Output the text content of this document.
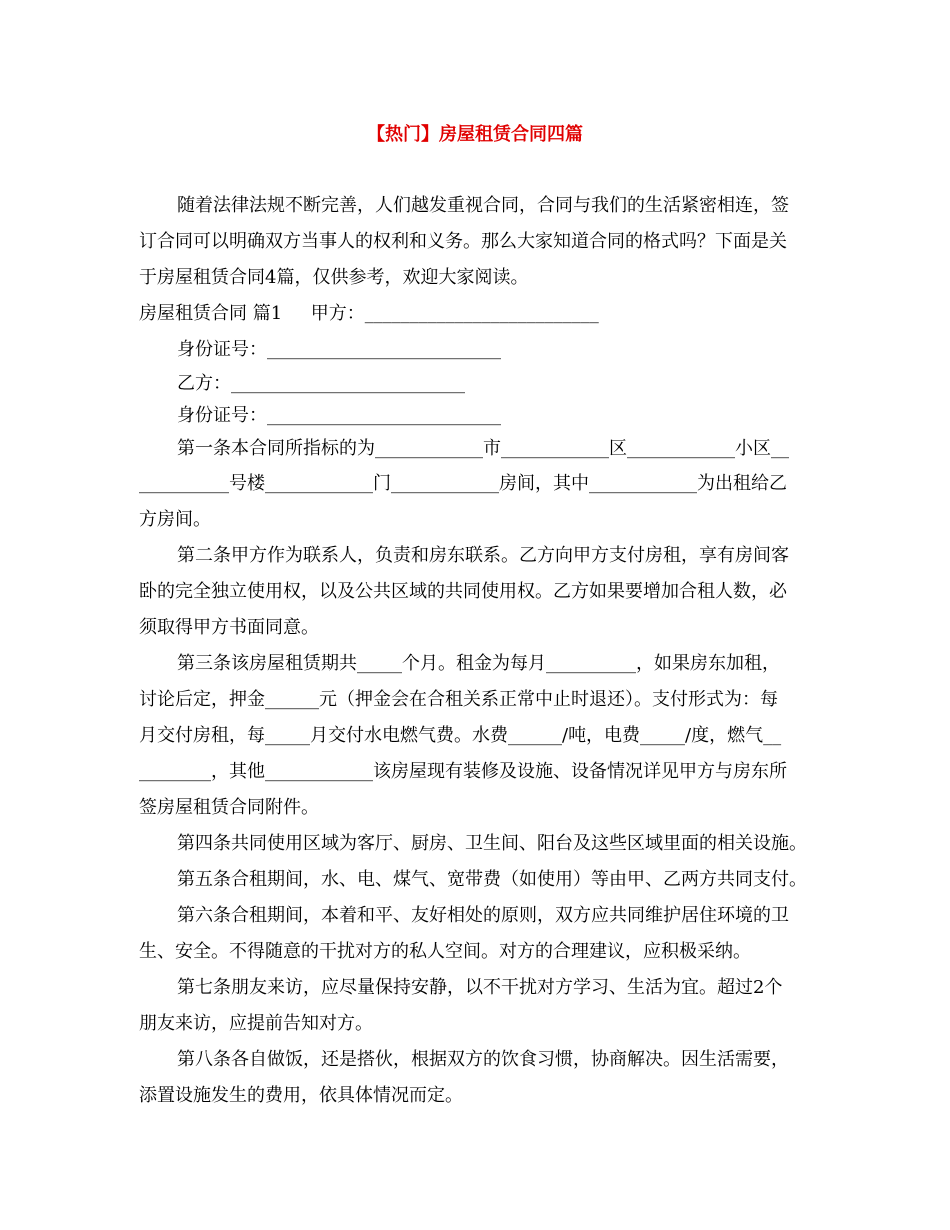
【热门】房屋租赁合同四篇
随着法律法规不断完善，人们越发重视合同，合同与我们的生活紧密相连，签
订合同可以明确双方当事人的权利和义务。那么大家知道合同的格式吗？下面是关
于房屋租赁合同4篇，仅供参考，欢迎大家阅读。
房屋租赁合同 篇1     甲方：__________________________
身份证号：__________________________
乙方：__________________________
身份证号：__________________________
第一条本合同所指标的为____________市____________区____________小区__
__________号楼____________门____________房间，其中____________为出租给乙
方房间。
第二条甲方作为联系人，负责和房东联系。乙方向甲方支付房租，享有房间客
卧的完全独立使用权，以及公共区域的共同使用权。乙方如果要增加合租人数，必
须取得甲方书面同意。
第三条该房屋租赁期共_____个月。租金为每月__________，如果房东加租，
讨论后定，押金______元（押金会在合租关系正常中止时退还）。支付形式为：每
月交付房租，每_____月交付水电燃气费。水费______/吨，电费_____/度，燃气__
________，其他____________该房屋现有装修及设施、设备情况详见甲方与房东所
签房屋租赁合同附件。
第四条共同使用区域为客厅、厨房、卫生间、阳台及这些区域里面的相关设施。
第五条合租期间，水、电、煤气、宽带费（如使用）等由甲、乙两方共同支付。
第六条合租期间，本着和平、友好相处的原则，双方应共同维护居住环境的卫
生、安全。不得随意的干扰对方的私人空间。对方的合理建议，应积极采纳。
第七条朋友来访，应尽量保持安静，以不干扰对方学习、生活为宜。超过2个
朋友来访，应提前告知对方。
第八条各自做饭，还是搭伙，根据双方的饮食习惯，协商解决。因生活需要，
添置设施发生的费用，依具体情况而定。
